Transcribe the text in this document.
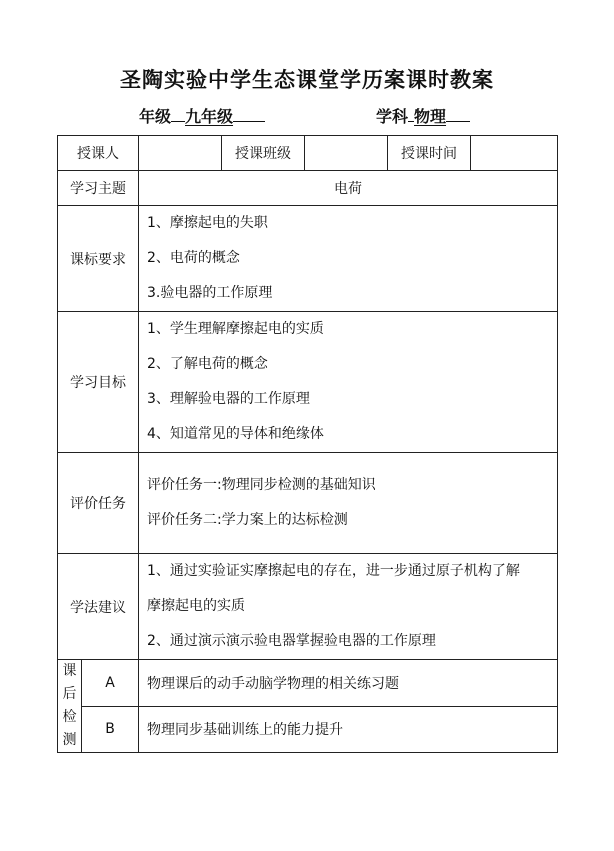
圣陶实验中学生态课堂学历案课时教案
年级 九年级	学科 物理
授课人			授课班级		授课时间	
学习主题		电荷				
课标要求		1、摩擦起电的失职
2、电荷的概念
3.验电器的工作原理				

学习目标		1、学生理解摩擦起电的实质
2、了解电荷的概念
3、理解验电器的工作原理
4、知道常见的导体和绝缘体				

评价任务		评价任务一:物理同步检测的基础知识
评价任务二:学力案上的达标检测				

学法建议		1、通过实验证实摩擦起电的存在，进一步通过原子机构了解
摩擦起电的实质
2、通过演示演示验电器掌握验电器的工作原理				

课
后
检
测	A	物理课后的动手动脑学物理的相关练习题				
	B	物理同步基础训练上的能力提升				
